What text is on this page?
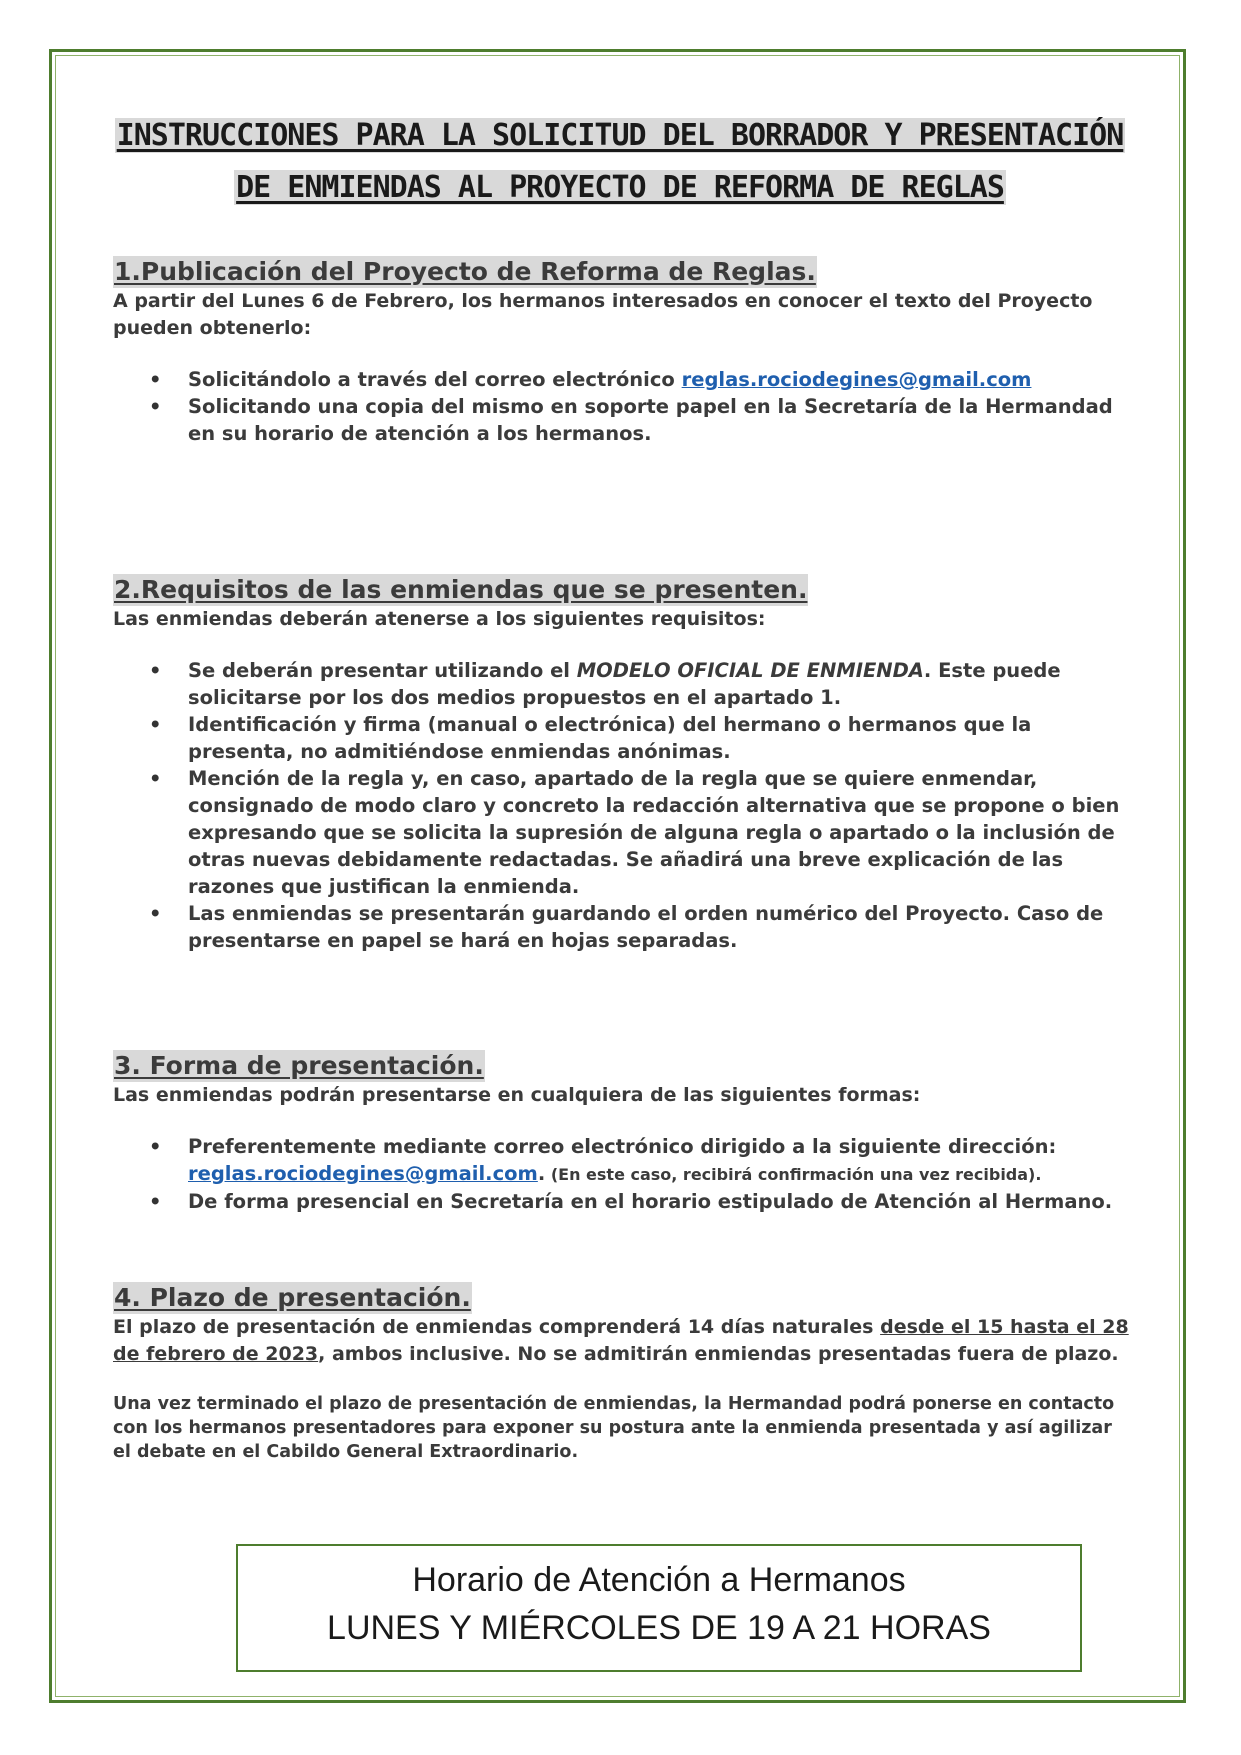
INSTRUCCIONES PARA LA SOLICITUD DEL BORRADOR Y PRESENTACIÓN
DE ENMIENDAS AL PROYECTO DE REFORMA DE REGLAS
1.Publicación del Proyecto de Reforma de Reglas.

A partir del Lunes 6 de Febrero, los hermanos interesados en conocer el texto del Proyecto pueden obtenerlo:

• Solicitándolo a través del correo electrónico reglas.rociodegines@gmail.com
• Solicitando una copia del mismo en soporte papel en la Secretaría de la Hermandad en su horario de atención a los hermanos.
2.Requisitos de las enmiendas que se presenten.

Las enmiendas deberán atenerse a los siguientes requisitos:

• Se deberán presentar utilizando el MODELO OFICIAL DE ENMIENDA. Este puede solicitarse por los dos medios propuestos en el apartado 1.
• Identificación y firma (manual o electrónica) del hermano o hermanos que la presenta, no admitiéndose enmiendas anónimas.
• Mención de la regla y, en caso, apartado de la regla que se quiere enmendar, consignado de modo claro y concreto la redacción alternativa que se propone o bien expresando que se solicita la supresión de alguna regla o apartado o la inclusión de otras nuevas debidamente redactadas. Se añadirá una breve explicación de las razones que justifican la enmienda.
• Las enmiendas se presentarán guardando el orden numérico del Proyecto. Caso de presentarse en papel se hará en hojas separadas.
3. Forma de presentación.

Las enmiendas podrán presentarse en cualquiera de las siguientes formas:

• Preferentemente mediante correo electrónico dirigido a la siguiente dirección:
reglas.rociodegines@gmail.com. (En este caso, recibirá confirmación una vez recibida).
• De forma presencial en Secretaría en el horario estipulado de Atención al Hermano.
4. Plazo de presentación.

El plazo de presentación de enmiendas comprenderá 14 días naturales desde el 15 hasta el 28 de febrero de 2023, ambos inclusive. No se admitirán enmiendas presentadas fuera de plazo.

Una vez terminado el plazo de presentación de enmiendas, la Hermandad podrá ponerse en contacto con los hermanos presentadores para exponer su postura ante la enmienda presentada y así agilizar el debate en el Cabildo General Extraordinario.

Horario de Atención a Hermanos
LUNES Y MIÉRCOLES DE 19 A 21 HORAS
